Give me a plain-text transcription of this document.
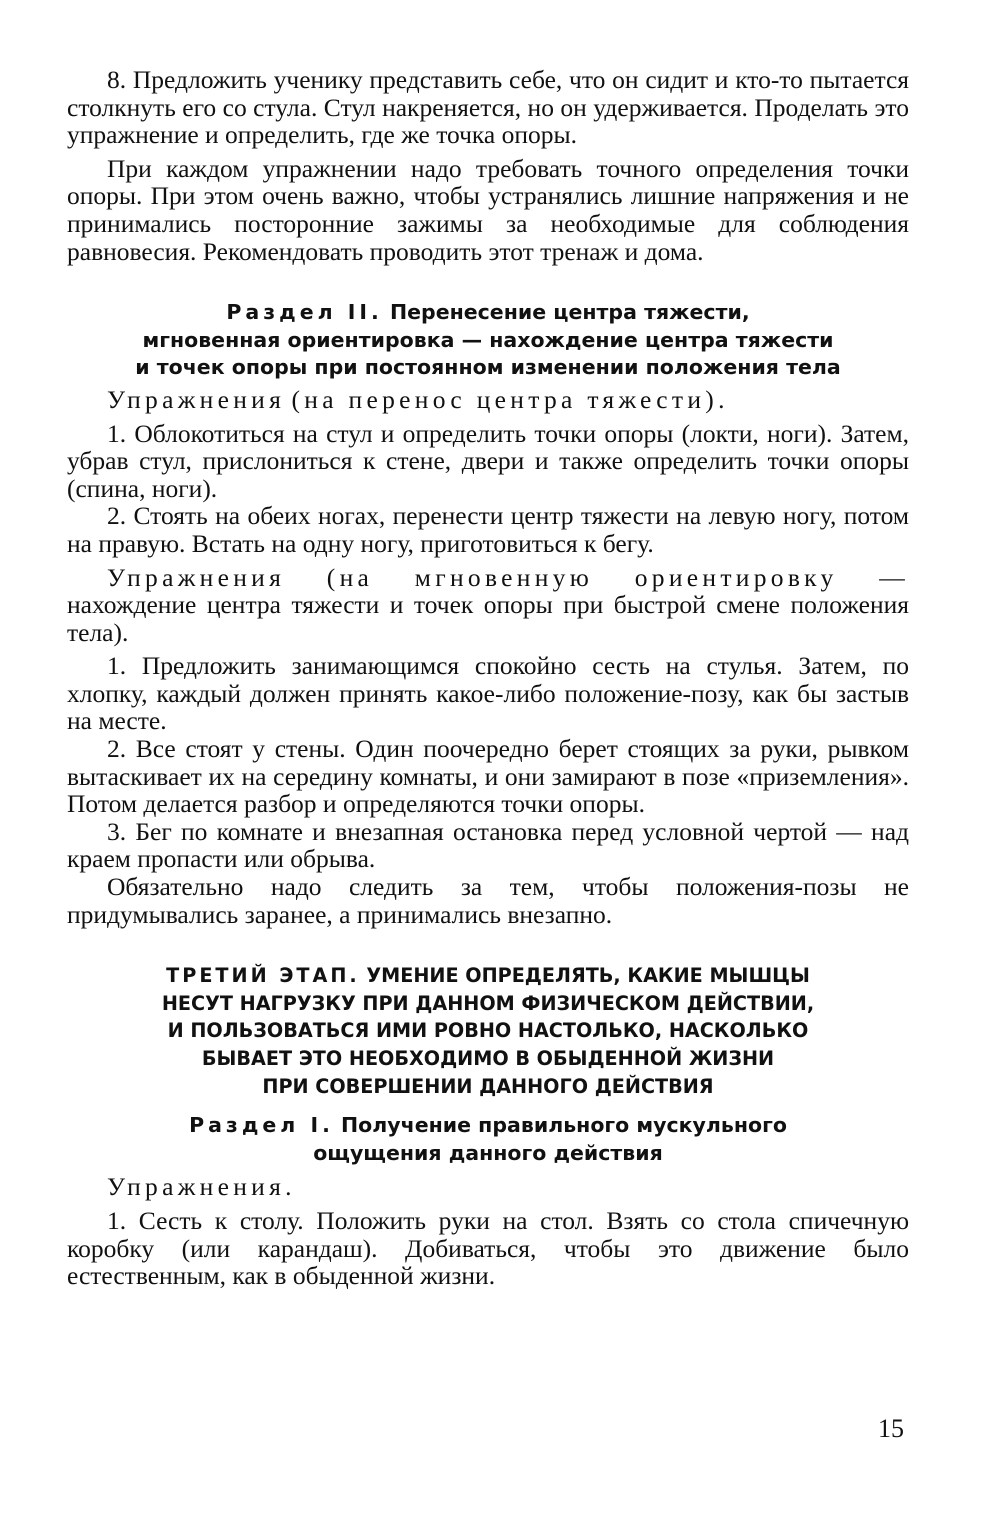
8. Предложить ученику представить себе, что он сидит и кто-то пытается столкнуть его со стула. Стул накреняется, но он удерживается. Проделать это упражнение и определить, где же точка опоры.

При каждом упражнении надо требовать точного определения точки опоры. При этом очень важно, чтобы устранялись лишние напряжения и не принимались посторонние зажимы за необходимые для соблюдения равновесия. Рекомендовать проводить этот тренаж и дома.

Раздел II. Перенесение центра тяжести,
мгновенная ориентировка — нахождение центра тяжести
и точек опоры при постоянном изменении положения тела

Упражнения (на перенос центра тяжести).

1. Облокотиться на стул и определить точки опоры (локти, ноги). Затем, убрав стул, прислониться к стене, двери и также определить точки опоры (спина, ноги).

2. Стоять на обеих ногах, перенести центр тяжести на левую ногу, потом на правую. Встать на одну ногу, приготовиться к бегу.

Упражнения (на мгновенную ориентировку — нахождение центра тяжести и точек опоры при быстрой смене положения тела).

1. Предложить занимающимся спокойно сесть на стулья. Затем, по хлопку, каждый должен принять какое-либо положение-позу, как бы застыв на месте.

2. Все стоят у стены. Один поочередно берет стоящих за руки, рывком вытаскивает их на середину комнаты, и они замирают в позе «приземления». Потом делается разбор и определяются точки опоры.

3. Бег по комнате и внезапная остановка перед условной чертой — над краем пропасти или обрыва.

Обязательно надо следить за тем, чтобы положения-позы не придумывались заранее, а принимались внезапно.

ТРЕТИЙ ЭТАП. УМЕНИЕ ОПРЕДЕЛЯТЬ, КАКИЕ МЫШЦЫ
НЕСУТ НАГРУЗКУ ПРИ ДАННОМ ФИЗИЧЕСКОМ ДЕЙСТВИИ,
И ПОЛЬЗОВАТЬСЯ ИМИ РОВНО НАСТОЛЬКО, НАСКОЛЬКО
БЫВАЕТ ЭТО НЕОБХОДИМО В ОБЫДЕННОЙ ЖИЗНИ
ПРИ СОВЕРШЕНИИ ДАННОГО ДЕЙСТВИЯ
Раздел I. Получение правильного мускульного
ощущения данного действия

Упражнения.

1. Сесть к столу. Положить руки на стол. Взять со стола спичечную коробку (или карандаш). Добиваться, чтобы это движение было естественным, как в обыденной жизни.

15
